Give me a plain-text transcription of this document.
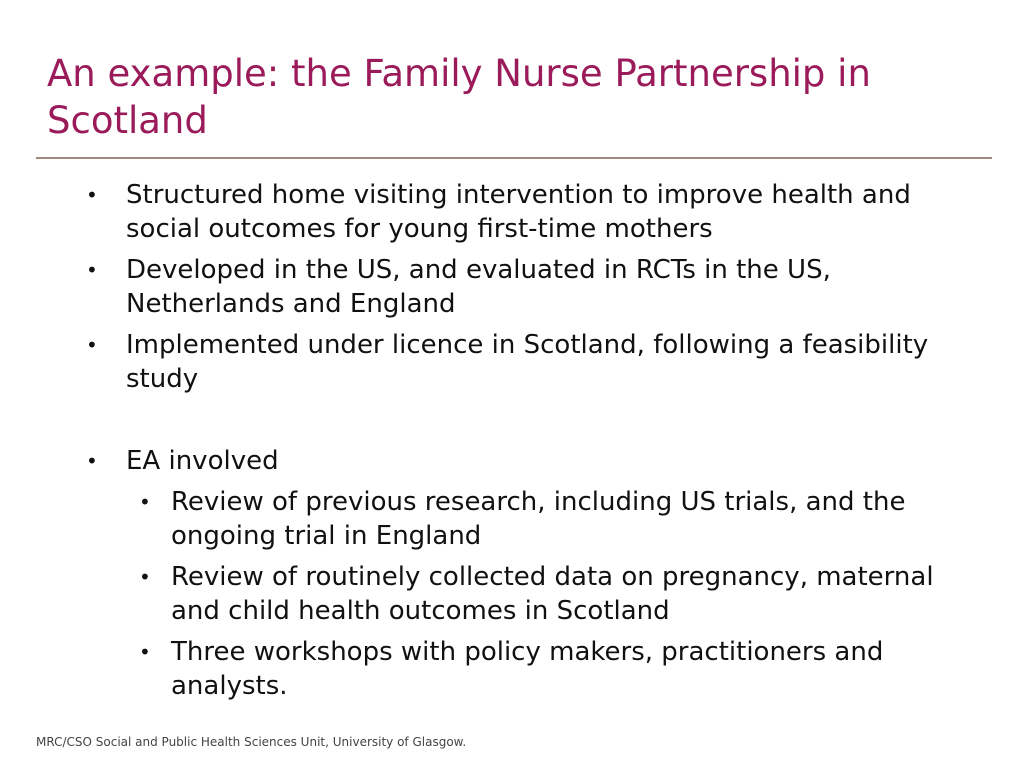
An example: the Family Nurse Partnership in Scotland
• Structured home visiting intervention to improve health and social outcomes for young first-time mothers
• Developed in the US, and evaluated in RCTs in the US, Netherlands and England
• Implemented under licence in Scotland, following a feasibility study
• EA involved
• Review of previous research, including US trials, and the ongoing trial in England
• Review of routinely collected data on pregnancy, maternal and child health outcomes in Scotland
• Three workshops with policy makers, practitioners and analysts.
MRC/CSO Social and Public Health Sciences Unit, University of Glasgow.
